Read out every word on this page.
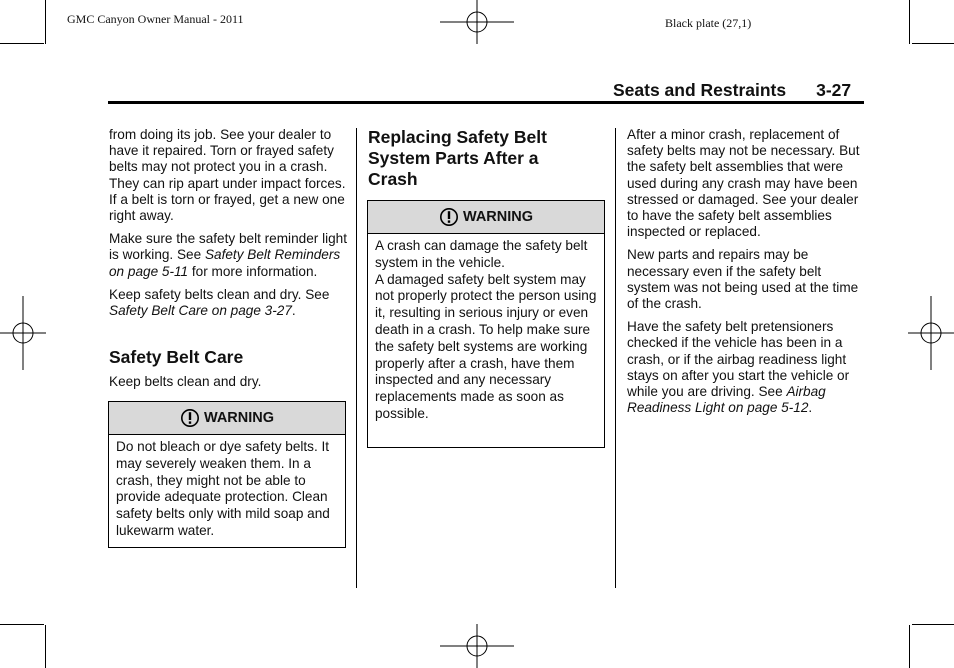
GMC Canyon Owner Manual - 2011	Black plate (27,1)
Seats and Restraints 3-27

from doing its job. See your dealer to have it repaired. Torn or frayed safety belts may not protect you in a crash. They can rip apart under impact forces. If a belt is torn or frayed, get a new one right away.

Make sure the safety belt reminder light is working. See Safety Belt Reminders on page 5-11 for more information.

Keep safety belts clean and dry. See Safety Belt Care on page 3-27.

Safety Belt Care

Keep belts clean and dry.

WARNING

Do not bleach or dye safety belts. It may severely weaken them. In a crash, they might not be able to provide adequate protection. Clean safety belts only with mild soap and lukewarm water.

Replacing Safety Belt System Parts After a Crash
WARNING

A crash can damage the safety belt system in the vehicle.

A damaged safety belt system may not properly protect the person using it, resulting in serious injury or even death in a crash. To help make sure the safety belt systems are working properly after a crash, have them inspected and any necessary replacements made as soon as possible.

After a minor crash, replacement of safety belts may not be necessary. But the safety belt assemblies that were used during any crash may have been stressed or damaged. See your dealer to have the safety belt assemblies inspected or replaced.

New parts and repairs may be necessary even if the safety belt system was not being used at the time of the crash.

Have the safety belt pretensioners checked if the vehicle has been in a crash, or if the airbag readiness light stays on after you start the vehicle or while you are driving. See Airbag Readiness Light on page 5-12.
